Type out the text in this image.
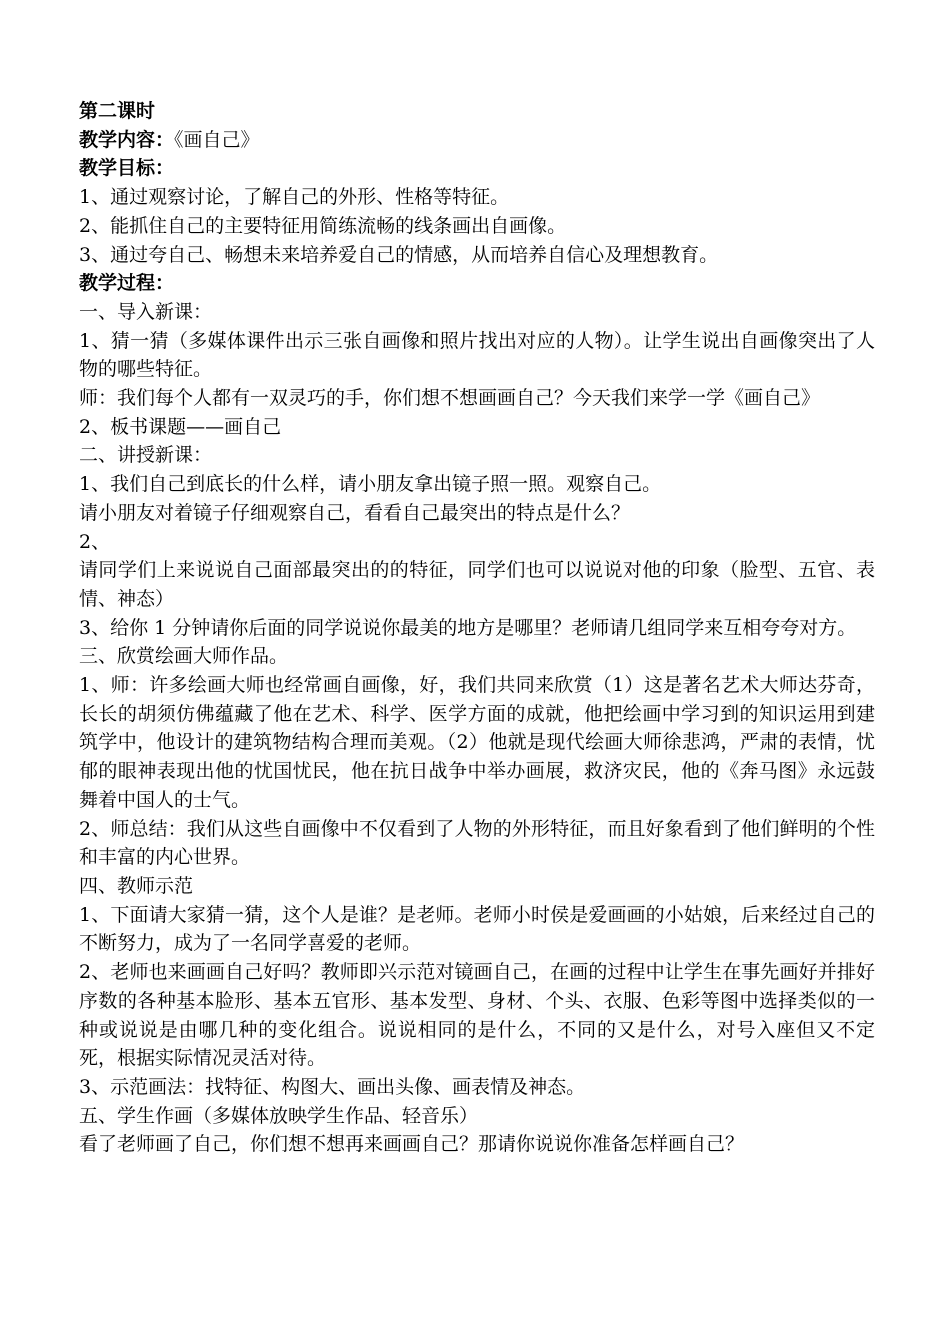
第二课时
教学内容：《画自己》
教学目标：
1、通过观察讨论，了解自己的外形、性格等特征。
2、能抓住自己的主要特征用简练流畅的线条画出自画像。
3、通过夸自己、畅想未来培养爱自己的情感，从而培养自信心及理想教育。
教学过程：
一、导入新课：
1、猜一猜（多媒体课件出示三张自画像和照片找出对应的人物）。让学生说出自画像突出了人物的哪些特征。
师：我们每个人都有一双灵巧的手，你们想不想画画自己？今天我们来学一学《画自己》
2、板书课题——画自己
二、讲授新课：
1、我们自己到底长的什么样，请小朋友拿出镜子照一照。观察自己。
请小朋友对着镜子仔细观察自己，看看自己最突出的特点是什么？
2、
请同学们上来说说自己面部最突出的的特征，同学们也可以说说对他的印象（脸型、五官、表情、神态）
3、给你 1 分钟请你后面的同学说说你最美的地方是哪里？老师请几组同学来互相夸夸对方。
三、欣赏绘画大师作品。
1、师：许多绘画大师也经常画自画像，好，我们共同来欣赏（1）这是著名艺术大师达芬奇，长长的胡须仿佛蕴藏了他在艺术、科学、医学方面的成就，他把绘画中学习到的知识运用到建筑学中，他设计的建筑物结构合理而美观。（2）他就是现代绘画大师徐悲鸿，严肃的表情，忧郁的眼神表现出他的忧国忧民，他在抗日战争中举办画展，救济灾民，他的《奔马图》永远鼓舞着中国人的士气。
2、师总结：我们从这些自画像中不仅看到了人物的外形特征，而且好象看到了他们鲜明的个性和丰富的内心世界。
四、教师示范
1、下面请大家猜一猜，这个人是谁？是老师。老师小时侯是爱画画的小姑娘，后来经过自己的不断努力，成为了一名同学喜爱的老师。
2、老师也来画画自己好吗？教师即兴示范对镜画自己，在画的过程中让学生在事先画好并排好序数的各种基本脸形、基本五官形、基本发型、身材、个头、衣服、色彩等图中选择类似的一种或说说是由哪几种的变化组合。说说相同的是什么，不同的又是什么，对号入座但又不定死，根据实际情况灵活对待。
3、示范画法：找特征、构图大、画出头像、画表情及神态。
五、学生作画（多媒体放映学生作品、轻音乐）
看了老师画了自己，你们想不想再来画画自己？那请你说说你准备怎样画自己？
